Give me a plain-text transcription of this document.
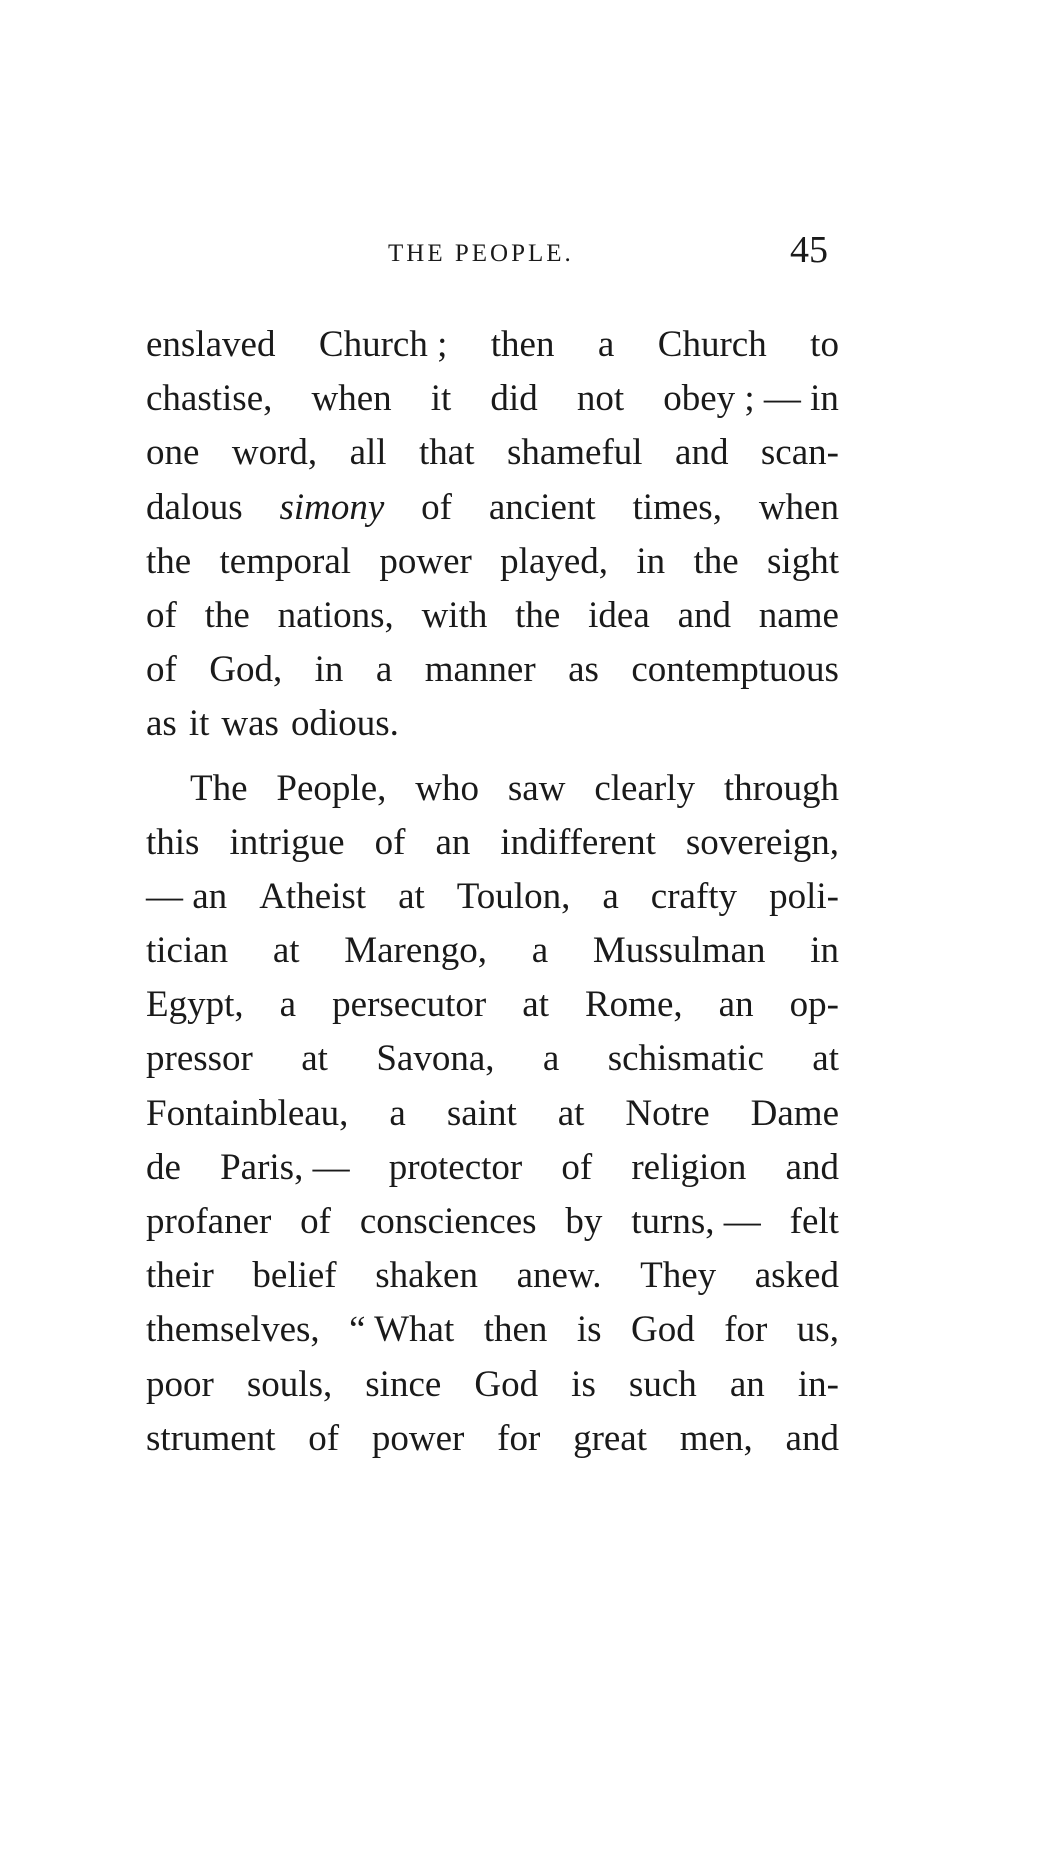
THE PEOPLE.	45
enslaved Church ; then a Church to
chastise, when it did not obey ; — in
one word, all that shameful and scan-
dalous simony of ancient times, when
the temporal power played, in the sight
of the nations, with the idea and name
of God, in a manner as contemptuous
as it was odious.
The People, who saw clearly through
this intrigue of an indifferent sovereign,
— an Atheist at Toulon, a crafty poli-
tician at Marengo, a Mussulman in
Egypt, a persecutor at Rome, an op-
pressor at Savona, a schismatic at
Fontainbleau, a saint at Notre Dame
de Paris, — protector of religion and
profaner of consciences by turns, — felt
their belief shaken anew. They asked
themselves, “ What then is God for us,
poor souls, since God is such an in-
strument of power for great men, and
